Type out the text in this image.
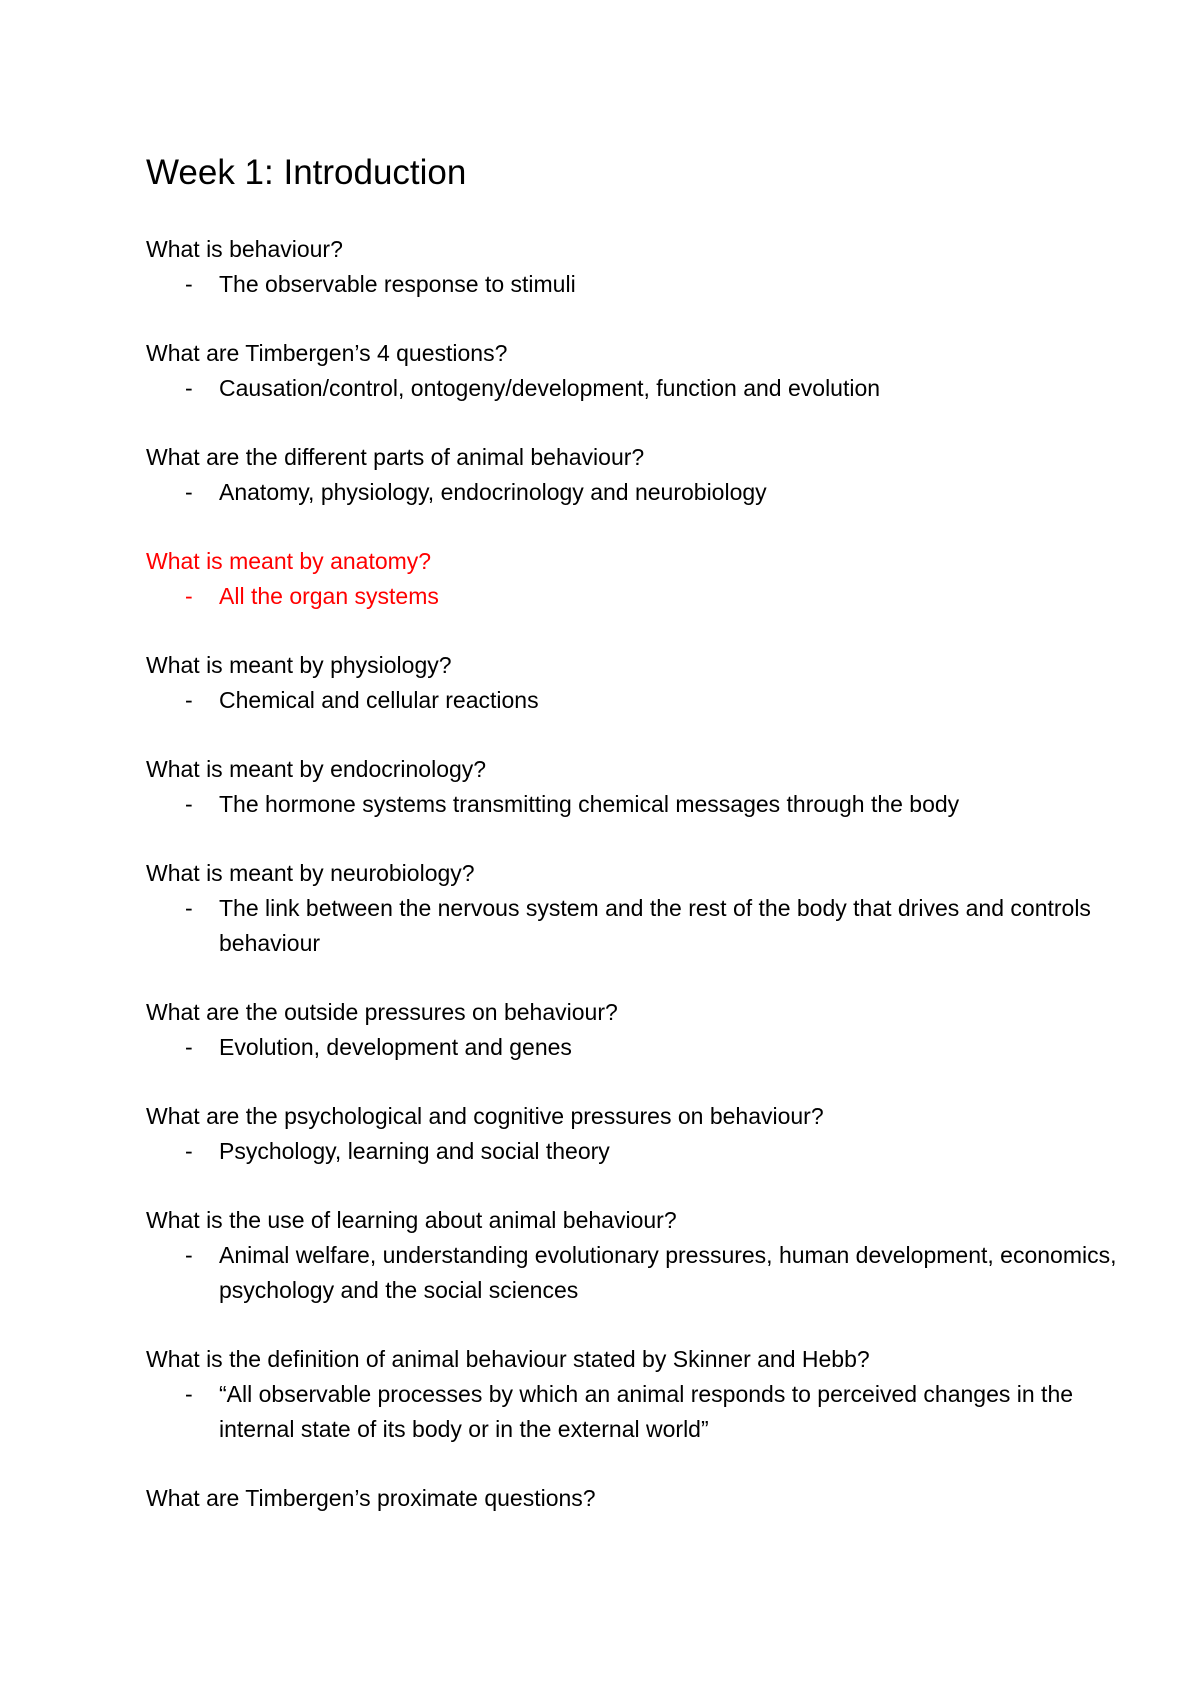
Week 1: Introduction

What is behaviour?

- The observable response to stimuli

What are Timbergen’s 4 questions?

- Causation/control, ontogeny/development, function and evolution

What are the different parts of animal behaviour?

- Anatomy, physiology, endocrinology and neurobiology

What is meant by anatomy?

- All the organ systems

What is meant by physiology?

- Chemical and cellular reactions

What is meant by endocrinology?

- The hormone systems transmitting chemical messages through the body

What is meant by neurobiology?

- The link between the nervous system and the rest of the body that drives and controls behaviour

What are the outside pressures on behaviour?

- Evolution, development and genes

What are the psychological and cognitive pressures on behaviour?

- Psychology, learning and social theory

What is the use of learning about animal behaviour?

- Animal welfare, understanding evolutionary pressures, human development, economics, psychology and the social sciences

What is the definition of animal behaviour stated by Skinner and Hebb?

- “All observable processes by which an animal responds to perceived changes in the internal state of its body or in the external world”

What are Timbergen’s proximate questions?
